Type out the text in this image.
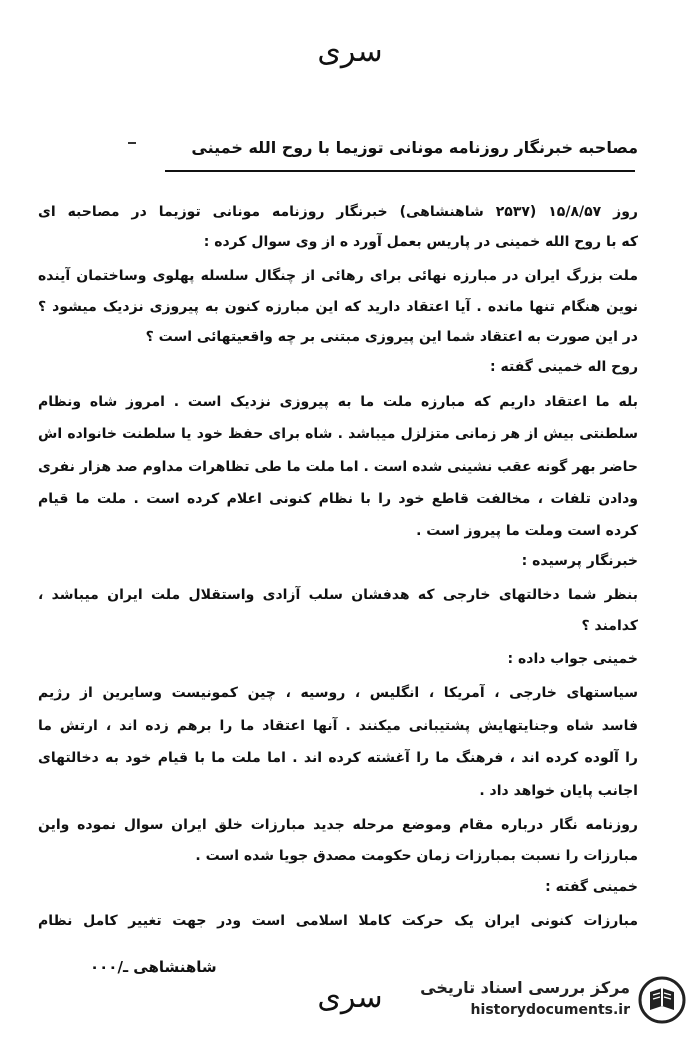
سری
مصاحبه خبرنگار روزنامه مونانی توزیما با روح الله خمینی
روز ۱۵/۸/۵۷ (۲۵۳۷ شاهنشاهی) خبرنگار روزنامه مونانی توزیما در مصاحبه ای
که با روح الله خمینی در پاریس بعمل آورد ه از وی سوال کرده :
ملت بزرگ ایران در مبارزه نهائی برای رهائی از چنگال سلسله پهلوی وساختمان آینده
نوین هنگام تنها مانده . آیا اعتقاد دارید که این مبارزه کنون به پیروزی نزدیک میشود ؟
در این صورت به اعتقاد شما این پیروزی مبتنی بر چه واقعیتهائی است ؟
روح اله خمینی گفته :
بله ما اعتقاد داریم که مبارزه ملت ما به پیروزی نزدیک است . امروز شاه ونظام
سلطنتی بیش از هر زمانی متزلزل میباشد . شاه برای حفظ خود یا سلطنت خانواده اش
حاضر بهر گونه عقب نشینی شده است . اما ملت ما طی تظاهرات مداوم صد هزار نفری
ودادن تلفات ، مخالفت قاطع خود را با نظام کنونی اعلام کرده است . ملت ما قیام
کرده است وملت ما پیروز است .
خبرنگار پرسیده :
بنظر شما دخالتهای خارجی که هدفشان سلب آزادی واستقلال ملت ایران میباشد ،
کدامند ؟
خمینی جواب داده :
سیاستهای خارجی ، آمریکا ، انگلیس ، روسیه ، چین کمونیست وسایرین از رژیم
فاسد شاه وجنایتهایش پشتیبانی میکنند . آنها اعتقاد ما را برهم زده اند ، ارتش ما
را آلوده کرده اند ، فرهنگ ما را آغشته کرده اند . اما ملت ما با قیام خود به دخالتهای
اجانب پایان خواهد داد .
روزنامه نگار درباره مقام وموضع مرحله جدید مبارزات خلق ایران سوال نموده واین
مبارزات را نسبت بمبارزات زمان حکومت مصدق جویا شده است .
خمینی گفته :
مبارزات کنونی ایران یک حرکت کاملا اسلامی است ودر جهت تغییر کامل نظام
شاهنشاهی ـ/۰۰۰
سری	مرکز بررسی اسناد تاریخی
historydocuments.ir
